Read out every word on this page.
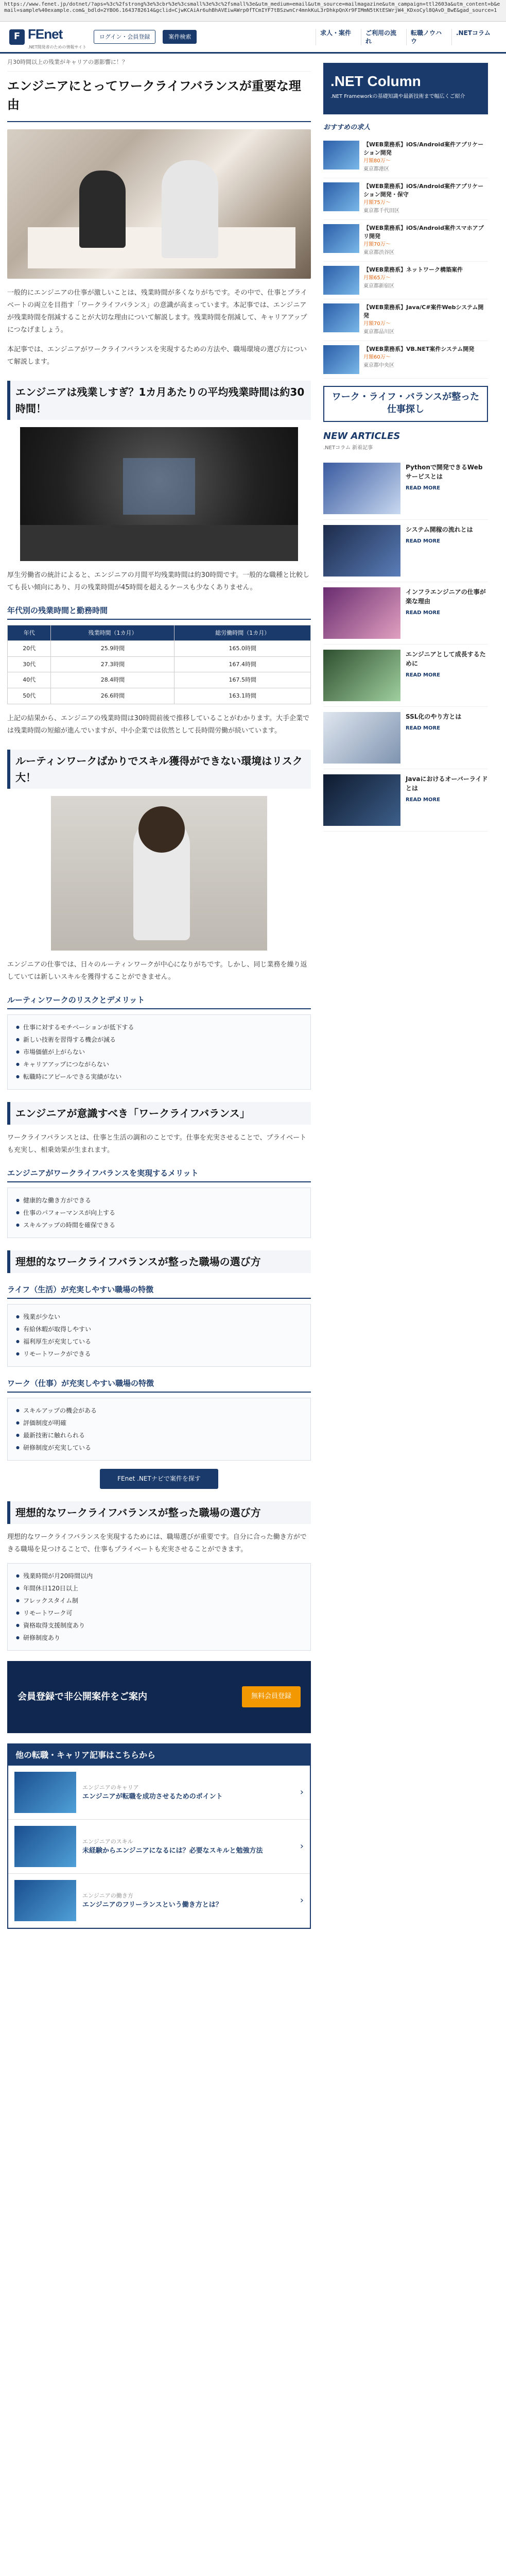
https://www.fenet.jp/dotnet/?aps=%3c%2fstrong%3e%3cbr%3e%3csmall%3e%3c%2fsmall%3e&utm_medium=email&utm_source=mailmagazine&utm_campaign=ttl2603a&utm_content=b&email=sample%40example.com&_bdld=2YBO6.1643782614&gclid=CjwKCAiAr6uhBhAVEiwAWrp0fTCmIYF7tBSzwnCr4mnkKuL3rDhkpQnXr9FIMmN5tKtESWrjW4_KDxoCyl8QAvD_BwE&gad_source=1
F FEnet
.NET開発者のための情報サイト
ログイン・会員登録	案件検索
求人・案件	ご利用の流れ
転職ノウハウ
.NETコラム
月30時間以上の残業がキャリアの悪影響に！？
エンジニアにとってワークライフバランスが重要な理由

一般的にエンジニアの仕事が激しいことは、残業時間が多くなりがちです。その中で、仕事とプライベートの両立を目指す「ワークライフバランス」の意識が高まっています。本記事では、エンジニアが残業時間を削減することが大切な理由について解説します。残業時間を削減して、キャリアアップにつなげましょう。

本記事では、エンジニアがワークライフバランスを実現するための方法や、職場環境の選び方について解説します。

エンジニアは残業しすぎ？1カ月あたりの平均残業時間は約30時間！

厚生労働省の統計によると、エンジニアの月間平均残業時間は約30時間です。一般的な職種と比較しても長い傾向にあり、月の残業時間が45時間を超えるケースも少なくありません。

年代別の残業時間と勤務時間
年代	残業時間（1カ月）	総労働時間（1カ月）
20代	25.9時間	165.0時間
30代	27.3時間	167.4時間
40代	28.4時間	167.5時間
50代	26.6時間	163.1時間

上記の結果から、エンジニアの残業時間は30時間前後で推移していることがわかります。大手企業では残業時間の短縮が進んでいますが、中小企業では依然として長時間労働が続いています。

ルーティンワークばかりでスキル獲得ができない環境はリスク大！

エンジニアの仕事では、日々のルーティンワークが中心になりがちです。しかし、同じ業務を繰り返していては新しいスキルを獲得することができません。

ルーティンワークのリスクとデメリット
● 仕事に対するモチベーションが低下する
● 新しい技術を習得する機会が減る
● 市場価値が上がらない
● キャリアアップにつながらない
● 転職時にアピールできる実績がない
エンジニアが意識すべき「ワークライフバランス」

ワークライフバランスとは、仕事と生活の調和のことです。仕事を充実させることで、プライベートも充実し、相乗効果が生まれます。

エンジニアがワークライフバランスを実現するメリット
● 健康的な働き方ができる
● 仕事のパフォーマンスが向上する
● スキルアップの時間を確保できる
理想的なワークライフバランスが整った職場の選び方
ライフ（生活）が充実しやすい職場の特徴
● 残業が少ない
● 有給休暇が取得しやすい
● 福利厚生が充実している
● リモートワークができる
ワーク（仕事）が充実しやすい職場の特徴
● スキルアップの機会がある
● 評価制度が明確
● 最新技術に触れられる
● 研修制度が充実している
FEnet .NETナビで案件を探す
理想的なワークライフバランスが整った職場の選び方

理想的なワークライフバランスを実現するためには、職場選びが重要です。自分に合った働き方ができる職場を見つけることで、仕事もプライベートも充実させることができます。

● 残業時間が月20時間以内
● 年間休日120日以上
● フレックスタイム制
● リモートワーク可
● 資格取得支援制度あり
● 研修制度あり
会員登録で非公開案件をご案内	無料会員登録
他の転職・キャリア記事はこちらから
エンジニアのキャリア
エンジニアが転職を成功させるためのポイント	›
エンジニアのスキル
未経験からエンジニアになるには？必要なスキルと勉強方法	›
エンジニアの働き方
エンジニアのフリーランスという働き方とは？	›
.NET Column
.NET Frameworkの基礎知識や最新技術まで幅広くご紹介
おすすめの求人
【WEB業務系】iOS/Android案件アプリケーション開発
月額80万〜
東京都港区
【WEB業務系】iOS/Android案件アプリケーション開発・保守
月額75万〜
東京都千代田区
【WEB業務系】iOS/Android案件スマホアプリ開発
月額70万〜
東京都渋谷区
【WEB業務系】ネットワーク構築案件
月額65万〜
東京都新宿区
【WEB業務系】Java/C#案件Webシステム開発
月額70万〜
東京都品川区
【WEB業務系】VB.NET案件システム開発
月額60万〜
東京都中央区
ワーク・ライフ・バランスが整った仕事探し
NEW ARTICLES
.NETコラム 新着記事
Pythonで開発できるWebサービスとは
READ MORE
システム開稼の流れとは
READ MORE
インフラエンジニアの仕事が楽な理由
READ MORE
エンジニアとして成長するために
READ MORE
SSL化のやり方とは
READ MORE
Javaにおけるオーバーライドとは
READ MORE
